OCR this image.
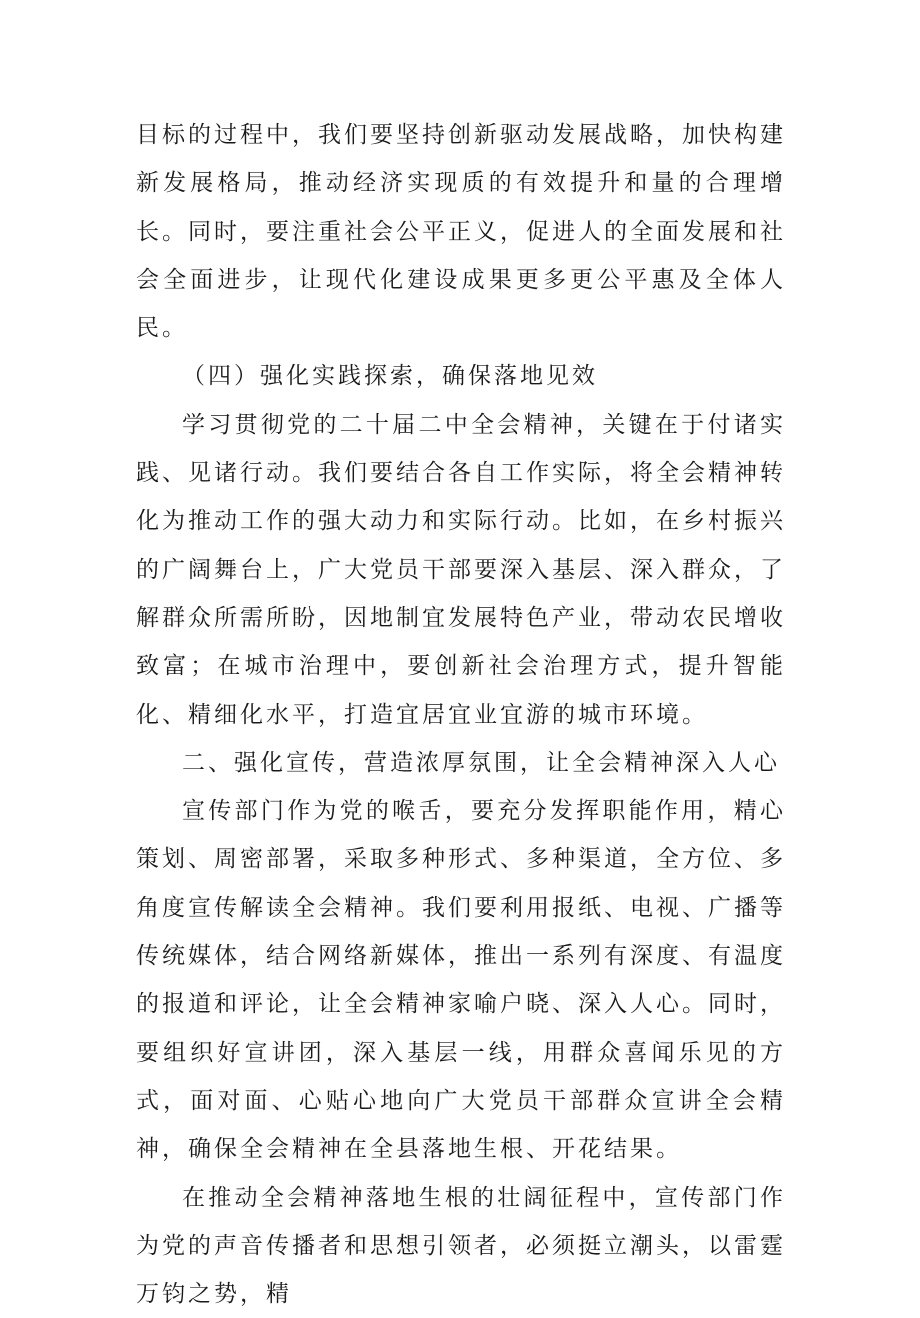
目标的过程中，我们要坚持创新驱动发展战略，加快构建新发展格局，推动经济实现质的有效提升和量的合理增长。同时，要注重社会公平正义，促进人的全面发展和社会全面进步，让现代化建设成果更多更公平惠及全体人民。

（四）强化实践探索，确保落地见效

学习贯彻党的二十届二中全会精神，关键在于付诸实践、见诸行动。我们要结合各自工作实际，将全会精神转化为推动工作的强大动力和实际行动。比如，在乡村振兴的广阔舞台上，广大党员干部要深入基层、深入群众，了解群众所需所盼，因地制宜发展特色产业，带动农民增收致富；在城市治理中，要创新社会治理方式，提升智能化、精细化水平，打造宜居宜业宜游的城市环境。

二、强化宣传，营造浓厚氛围，让全会精神深入人心

宣传部门作为党的喉舌，要充分发挥职能作用，精心策划、周密部署，采取多种形式、多种渠道，全方位、多角度宣传解读全会精神。我们要利用报纸、电视、广播等传统媒体，结合网络新媒体，推出一系列有深度、有温度的报道和评论，让全会精神家喻户晓、深入人心。同时，要组织好宣讲团，深入基层一线，用群众喜闻乐见的方式，面对面、心贴心地向广大党员干部群众宣讲全会精神，确保全会精神在全县落地生根、开花结果。

在推动全会精神落地生根的壮阔征程中，宣传部门作为党的声音传播者和思想引领者，必须挺立潮头，以雷霆万钧之势，精
